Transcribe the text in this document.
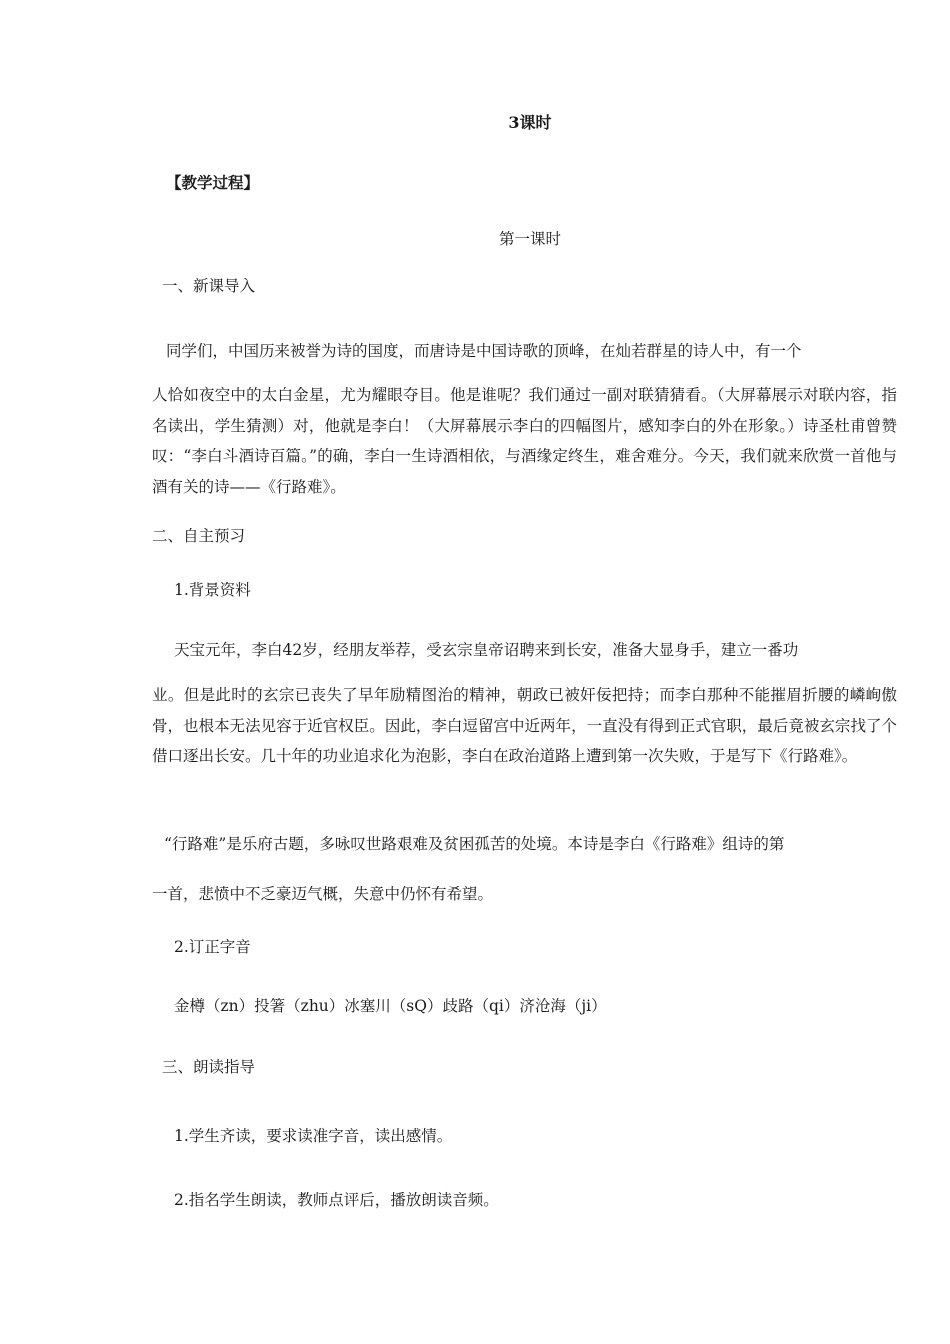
3课时
【教学过程】
第一课时
一、新课导入
同学们，中国历来被誉为诗的国度，而唐诗是中国诗歌的顶峰，在灿若群星的诗人中，有一个
人恰如夜空中的太白金星，尤为耀眼夺目。他是谁呢？我们通过一副对联猜猜看。（大屏幕展示对联内容，指名读出，学生猜测）对，他就是李白！（大屏幕展示李白的四幅图片，感知李白的外在形象。）诗圣杜甫曾赞叹：“李白斗酒诗百篇。”的确，李白一生诗酒相依，与酒缘定终生，难舍难分。今天，我们就来欣赏一首他与酒有关的诗——《行路难》。
二、自主预习
1.背景资料
天宝元年，李白42岁，经朋友举荐，受玄宗皇帝诏聘来到长安，准备大显身手，建立一番功
业。但是此时的玄宗已丧失了早年励精图治的精神，朝政已被奸佞把持；而李白那种不能摧眉折腰的嶙峋傲骨，也根本无法见容于近官权臣。因此，李白逗留宫中近两年，一直没有得到正式官职，最后竟被玄宗找了个借口逐出长安。几十年的功业追求化为泡影，李白在政治道路上遭到第一次失败，于是写下《行路难》。
“行路难”是乐府古题，多咏叹世路艰难及贫困孤苦的处境。本诗是李白《行路难》组诗的第
一首，悲愤中不乏豪迈气概，失意中仍怀有希望。
2.订正字音
金樽（zn）投箸（zhu）冰塞川（sQ）歧路（qi）济沧海（ji）
三、朗读指导
1.学生齐读，要求读准字音，读出感情。
2.指名学生朗读，教师点评后，播放朗读音频。
